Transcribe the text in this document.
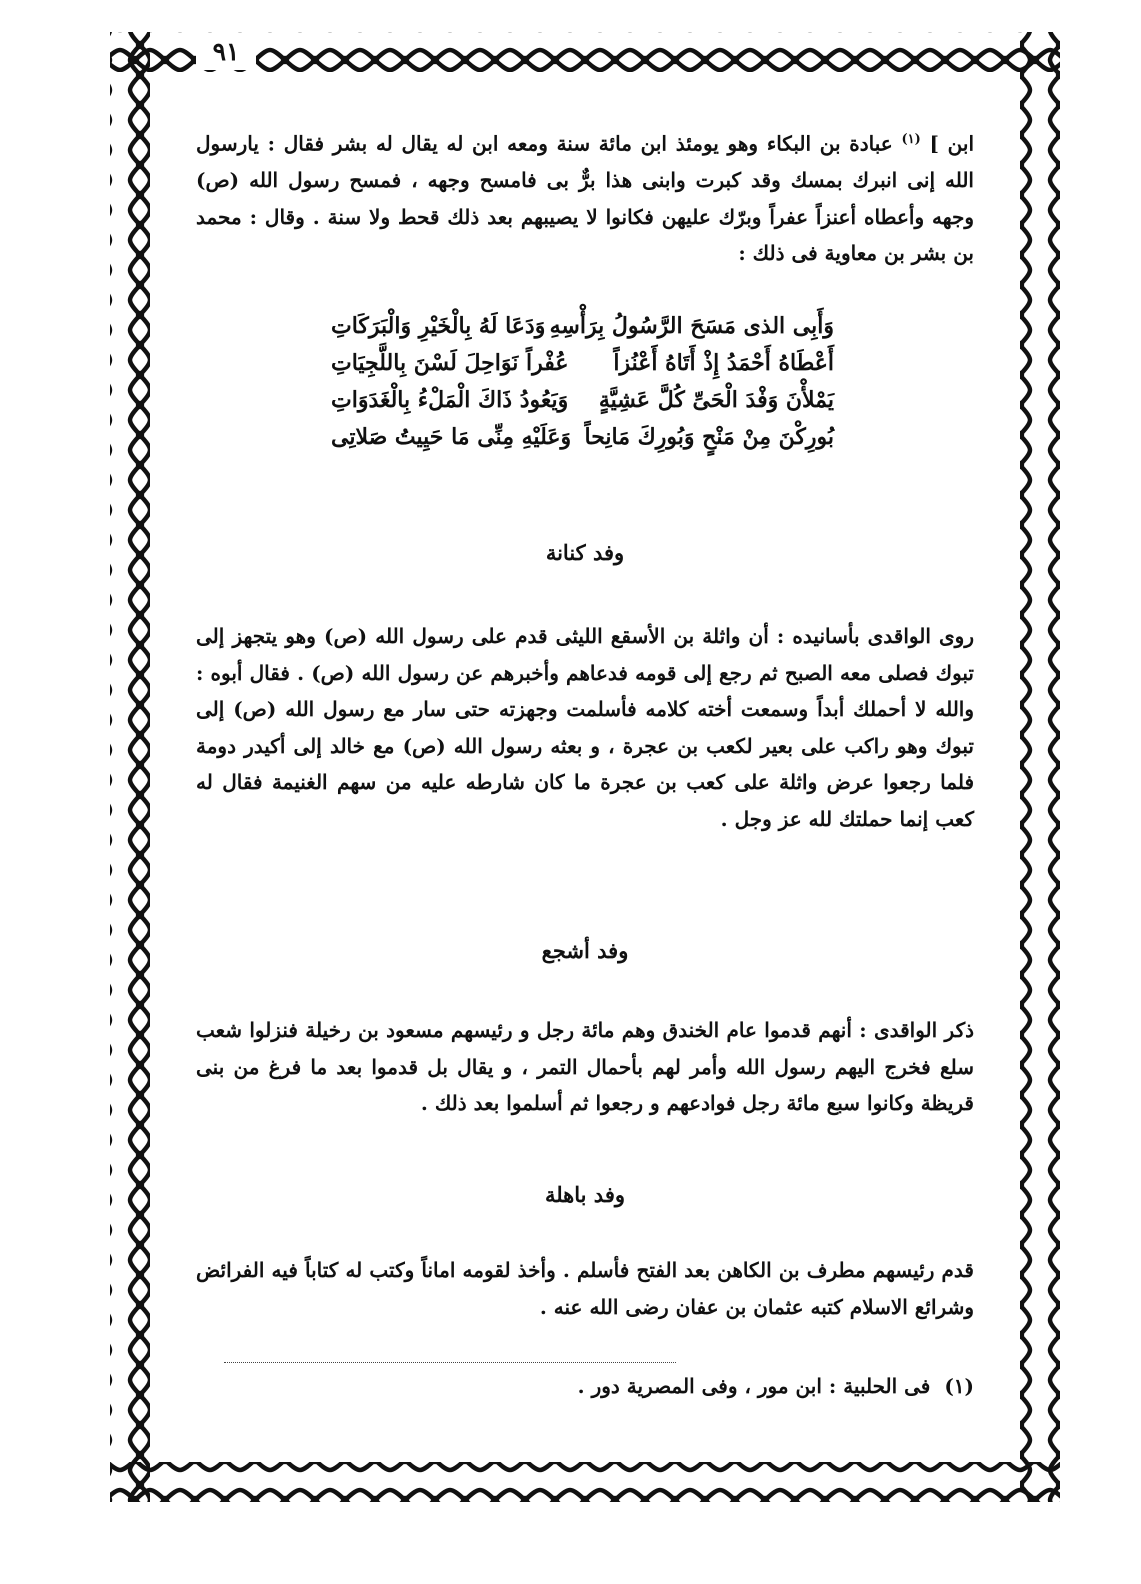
٩١

ابن ] $^{(١)}$ عبادة بن البكاء وهو يومئذ ابن مائة سنة ومعه ابن له يقال له بشر فقال : يارسول الله إنى انبرك بمسك وقد كبرت وابنى هذا برٌّ بى فامسح وجهه ، فمسح رسول الله (ص) وجهه وأعطاه أعنزاً عفراً وبرّك عليهن فكانوا لا يصيبهم بعد ذلك قحط ولا سنة . وقال : محمد بن بشر بن معاوية فى ذلك :

وَأَبِى الذى مَسَحَ الرَّسُولُ بِرَأْسِهِ
وَدَعَا لَهُ بِالْخَيْرِ وَالْبَرَكَاتِ
أَعْطَاهُ أَحْمَدُ إِذْ أَتَاهُ أَعْنُزاً
عُفْراً نَوَاحِلَ لَسْنَ بِاللَّجِيَاتِ
يَمْلأْنَ وَفْدَ الْحَىِّ كُلَّ عَشِيَّةٍ
وَيَعُودُ ذَاكَ الْمَلْءُ بِالْغَدَوَاتِ
بُورِكْنَ مِنْ مَنْحٍ وَبُورِكَ مَانِحاً
وَعَلَيْهِ مِنِّى مَا حَيِيتُ صَلاتِى
وفد كنانة

روى الواقدى بأسانيده : أن واثلة بن الأسقع الليثى قدم على رسول الله (ص) وهو يتجهز إلى تبوك فصلى معه الصبح ثم رجع إلى قومه فدعاهم وأخبرهم عن رسول الله (ص) . فقال أبوه : والله لا أحملك أبداً وسمعت أخته كلامه فأسلمت وجهزته حتى سار مع رسول الله (ص) إلى تبوك وهو راكب على بعير لكعب بن عجرة ، و بعثه رسول الله (ص) مع خالد إلى أكيدر دومة فلما رجعوا عرض واثلة على كعب بن عجرة ما كان شارطه عليه من سهم الغنيمة فقال له كعب إنما حملتك لله عز وجل .

وفد أشجع

ذكر الواقدى : أنهم قدموا عام الخندق وهم مائة رجل و رئيسهم مسعود بن رخيلة فنزلوا شعب سلع فخرج اليهم رسول الله وأمر لهم بأحمال التمر ، و يقال بل قدموا بعد ما فرغ من بنى قريظة وكانوا سبع مائة رجل فوادعهم و رجعوا ثم أسلموا بعد ذلك .

وفد باهلة

قدم رئيسهم مطرف بن الكاهن بعد الفتح فأسلم . وأخذ لقومه اماناً وكتب له كتاباً فيه الفرائض وشرائع الاسلام كتبه عثمان بن عفان رضى الله عنه .

(١)  فى الحلبية : ابن مور ، وفى المصرية دور .
